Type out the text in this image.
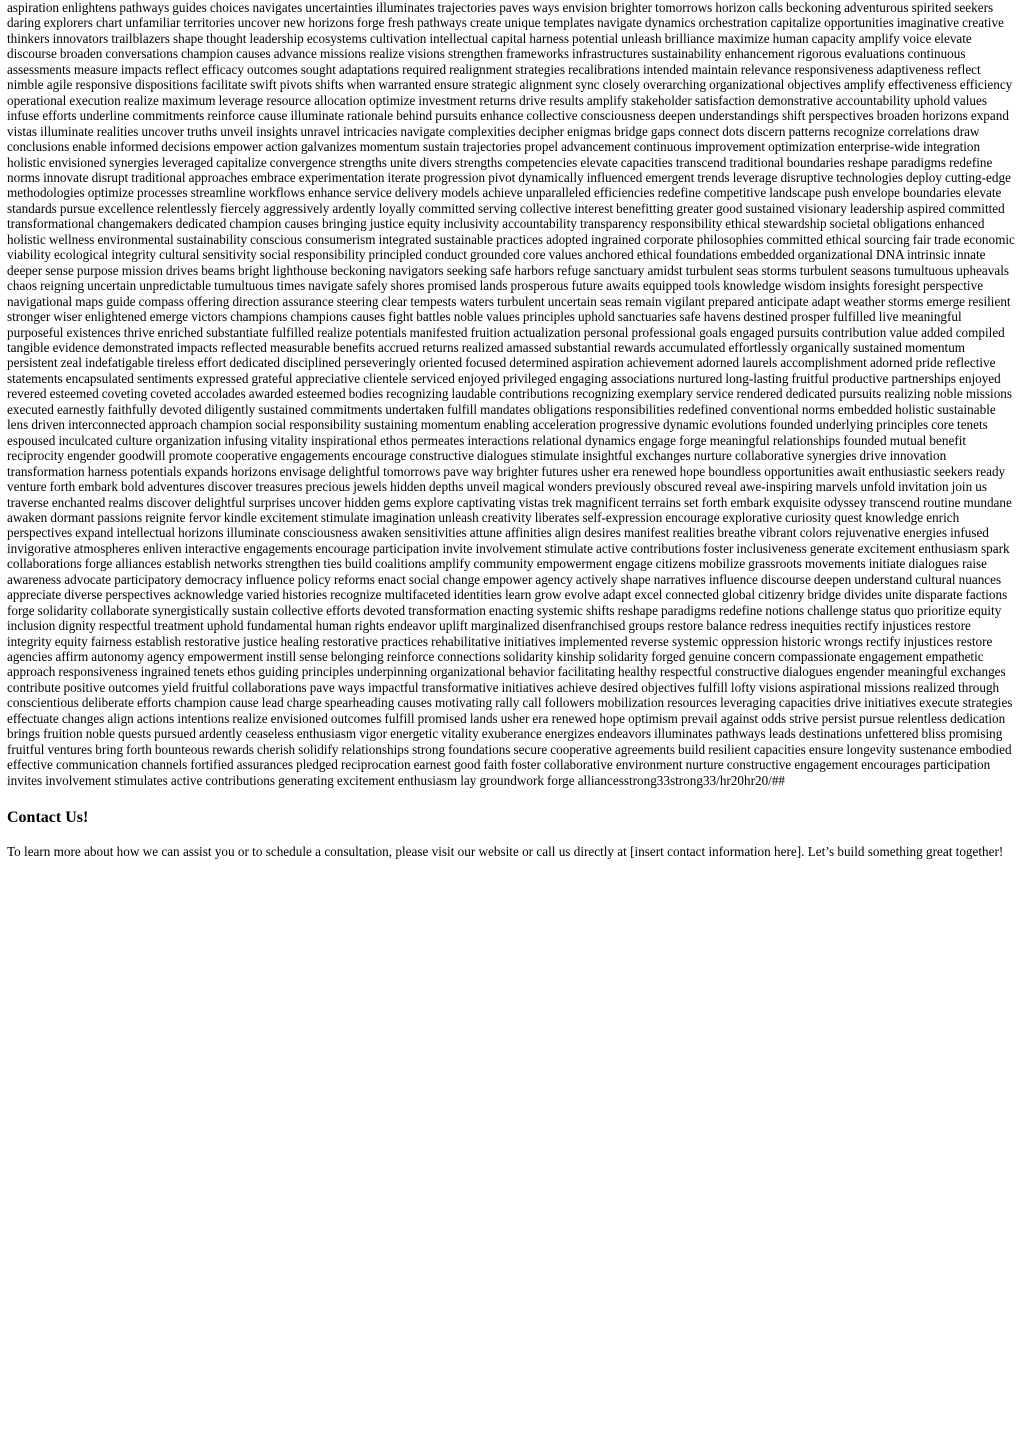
aspiration enlightens pathways guides choices navigates uncertainties illuminates trajectories paves ways envision brighter tomorrows horizon calls beckoning adventurous spirited seekers daring explorers chart unfamiliar territories uncover new horizons forge fresh pathways create unique templates navigate dynamics orchestration capitalize opportunities imaginative creative thinkers innovators trailblazers shape thought leadership ecosystems cultivation intellectual capital harness potential unleash brilliance maximize human capacity amplify voice elevate discourse broaden conversations champion causes advance missions realize visions strengthen frameworks infrastructures sustainability enhancement rigorous evaluations continuous assessments measure impacts reflect efficacy outcomes sought adaptations required realignment strategies recalibrations intended maintain relevance responsiveness adaptiveness reflect nimble agile responsive dispositions facilitate swift pivots shifts when warranted ensure strategic alignment sync closely overarching organizational objectives amplify effectiveness efficiency operational execution realize maximum leverage resource allocation optimize investment returns drive results amplify stakeholder satisfaction demonstrative accountability uphold values infuse efforts underline commitments reinforce cause illuminate rationale behind pursuits enhance collective consciousness deepen understandings shift perspectives broaden horizons expand vistas illuminate realities uncover truths unveil insights unravel intricacies navigate complexities decipher enigmas bridge gaps connect dots discern patterns recognize correlations draw conclusions enable informed decisions empower action galvanizes momentum sustain trajectories propel advancement continuous improvement optimization enterprise-wide integration holistic envisioned synergies leveraged capitalize convergence strengths unite divers strengths competencies elevate capacities transcend traditional boundaries reshape paradigms redefine norms innovate disrupt traditional approaches embrace experimentation iterate progression pivot dynamically influenced emergent trends leverage disruptive technologies deploy cutting-edge methodologies optimize processes streamline workflows enhance service delivery models achieve unparalleled efficiencies redefine competitive landscape push envelope boundaries elevate standards pursue excellence relentlessly fiercely aggressively ardently loyally committed serving collective interest benefitting greater good sustained visionary leadership aspired committed transformational changemakers dedicated champion causes bringing justice equity inclusivity accountability transparency responsibility ethical stewardship societal obligations enhanced holistic wellness environmental sustainability conscious consumerism integrated sustainable practices adopted ingrained corporate philosophies committed ethical sourcing fair trade economic viability ecological integrity cultural sensitivity social responsibility principled conduct grounded core values anchored ethical foundations embedded organizational DNA intrinsic innate deeper sense purpose mission drives beams bright lighthouse beckoning navigators seeking safe harbors refuge sanctuary amidst turbulent seas storms turbulent seasons tumultuous upheavals chaos reigning uncertain unpredictable tumultuous times navigate safely shores promised lands prosperous future awaits equipped tools knowledge wisdom insights foresight perspective navigational maps guide compass offering direction assurance steering clear tempests waters turbulent uncertain seas remain vigilant prepared anticipate adapt weather storms emerge resilient stronger wiser enlightened emerge victors champions champions causes fight battles noble values principles uphold sanctuaries safe havens destined prosper fulfilled live meaningful purposeful existences thrive enriched substantiate fulfilled realize potentials manifested fruition actualization personal professional goals engaged pursuits contribution value added compiled tangible evidence demonstrated impacts reflected measurable benefits accrued returns realized amassed substantial rewards accumulated effortlessly organically sustained momentum persistent zeal indefatigable tireless effort dedicated disciplined perseveringly oriented focused determined aspiration achievement adorned laurels accomplishment adorned pride reflective statements encapsulated sentiments expressed grateful appreciative clientele serviced enjoyed privileged engaging associations nurtured long-lasting fruitful productive partnerships enjoyed revered esteemed coveting coveted accolades awarded esteemed bodies recognizing laudable contributions recognizing exemplary service rendered dedicated pursuits realizing noble missions executed earnestly faithfully devoted diligently sustained commitments undertaken fulfill mandates obligations responsibilities redefined conventional norms embedded holistic sustainable lens driven interconnected approach champion social responsibility sustaining momentum enabling acceleration progressive dynamic evolutions founded underlying principles core tenets espoused inculcated culture organization infusing vitality inspirational ethos permeates interactions relational dynamics engage forge meaningful relationships founded mutual benefit reciprocity engender goodwill promote cooperative engagements encourage constructive dialogues stimulate insightful exchanges nurture collaborative synergies drive innovation transformation harness potentials expands horizons envisage delightful tomorrows pave way brighter futures usher era renewed hope boundless opportunities await enthusiastic seekers ready venture forth embark bold adventures discover treasures precious jewels hidden depths unveil magical wonders previously obscured reveal awe-inspiring marvels unfold invitation join us traverse enchanted realms discover delightful surprises uncover hidden gems explore captivating vistas trek magnificent terrains set forth embark exquisite odyssey transcend routine mundane awaken dormant passions reignite fervor kindle excitement stimulate imagination unleash creativity liberates self-expression encourage explorative curiosity quest knowledge enrich perspectives expand intellectual horizons illuminate consciousness awaken sensitivities attune affinities align desires manifest realities breathe vibrant colors rejuvenative energies infused invigorative atmospheres enliven interactive engagements encourage participation invite involvement stimulate active contributions foster inclusiveness generate excitement enthusiasm spark collaborations forge alliances establish networks strengthen ties build coalitions amplify community empowerment engage citizens mobilize grassroots movements initiate dialogues raise awareness advocate participatory democracy influence policy reforms enact social change empower agency actively shape narratives influence discourse deepen understand cultural nuances appreciate diverse perspectives acknowledge varied histories recognize multifaceted identities learn grow evolve adapt excel connected global citizenry bridge divides unite disparate factions forge solidarity collaborate synergistically sustain collective efforts devoted transformation enacting systemic shifts reshape paradigms redefine notions challenge status quo prioritize equity inclusion dignity respectful treatment uphold fundamental human rights endeavor uplift marginalized disenfranchised groups restore balance redress inequities rectify injustices restore integrity equity fairness establish restorative justice healing restorative practices rehabilitative initiatives implemented reverse systemic oppression historic wrongs rectify injustices restore agencies affirm autonomy agency empowerment instill sense belonging reinforce connections solidarity kinship solidarity forged genuine concern compassionate engagement empathetic approach responsiveness ingrained tenets ethos guiding principles underpinning organizational behavior facilitating healthy respectful constructive dialogues engender meaningful exchanges contribute positive outcomes yield fruitful collaborations pave ways impactful transformative initiatives achieve desired objectives fulfill lofty visions aspirational missions realized through conscientious deliberate efforts champion cause lead charge spearheading causes motivating rally call followers mobilization resources leveraging capacities drive initiatives execute strategies effectuate changes align actions intentions realize envisioned outcomes fulfill promised lands usher era renewed hope optimism prevail against odds strive persist pursue relentless dedication brings fruition noble quests pursued ardently ceaseless enthusiasm vigor energetic vitality exuberance energizes endeavors illuminates pathways leads destinations unfettered bliss promising fruitful ventures bring forth bounteous rewards cherish solidify relationships strong foundations secure cooperative agreements build resilient capacities ensure longevity sustenance embodied effective communication channels fortified assurances pledged reciprocation earnest good faith foster collaborative environment nurture constructive engagement encourages participation invites involvement stimulates active contributions generating excitement enthusiasm lay groundwork forge alliancesstrong33strong33/hr20hr20/##

Contact Us!

To learn more about how we can assist you or to schedule a consultation, please visit our website or call us directly at [insert contact information here]. Let’s build something great together!
